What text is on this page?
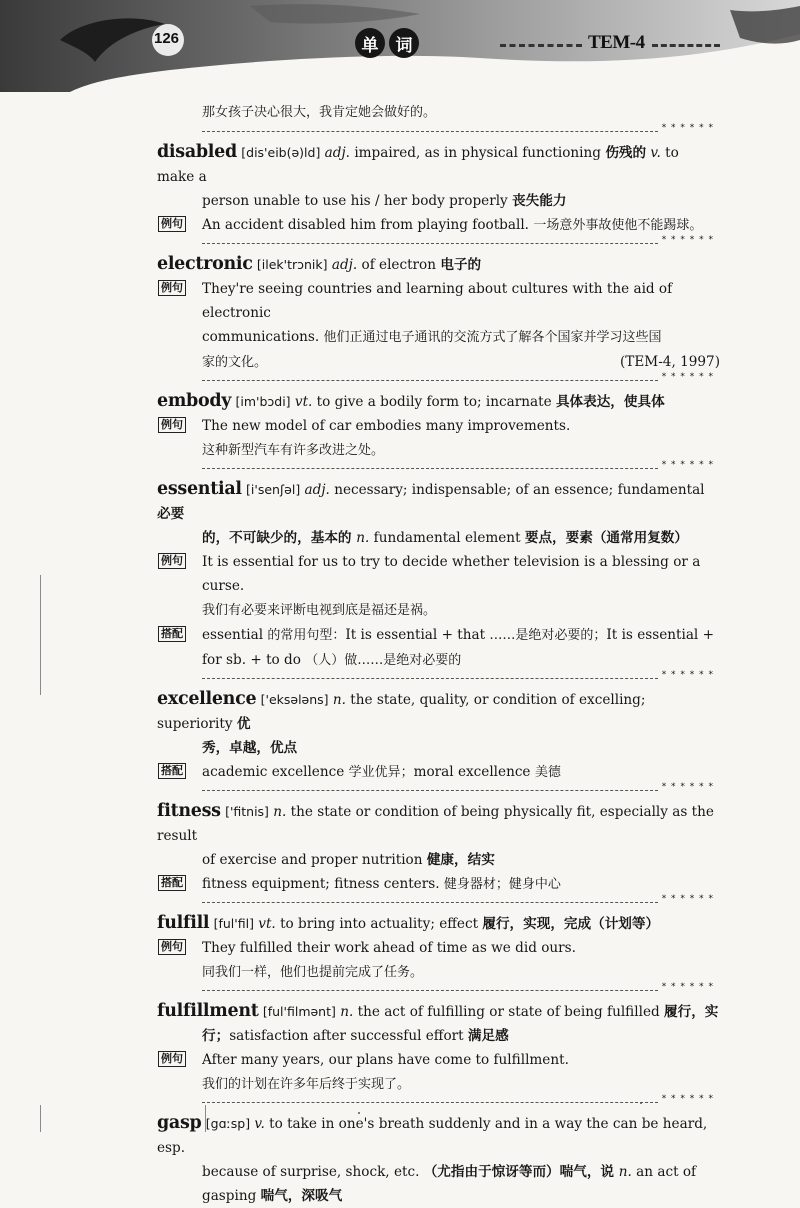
126	单	词	TEM-4
那女孩子决心很大，我肯定她会做好的。
* * * * * *
disabled [dis'eib(ə)ld] adj. impaired, as in physical functioning 伤残的 v. to make a
person unable to use his / her body properly 丧失能力
例句 An accident disabled him from playing football. 一场意外事故使他不能踢球。
* * * * * *
electronic [ilek'trɔnik] adj. of electron 电子的
例句 They're seeing countries and learning about cultures with the aid of electronic
communications. 他们正通过电子通讯的交流方式了解各个国家并学习这些国
家的文化。	(TEM-4, 1997)
* * * * * *
embody [im'bɔdi] vt. to give a bodily form to; incarnate 具体表达，使具体
例句 The new model of car embodies many improvements.
这种新型汽车有许多改进之处。
* * * * * *
essential [i'senʃəl] adj. necessary; indispensable; of an essence; fundamental 必要
的，不可缺少的，基本的 n. fundamental element 要点，要素（通常用复数）
例句 It is essential for us to try to decide whether television is a blessing or a curse.
我们有必要来评断电视到底是福还是祸。
搭配 essential 的常用句型：It is essential + that ……是绝对必要的；It is essential +
for sb. + to do （人）做……是绝对必要的
* * * * * *
excellence ['eksələns] n. the state, quality, or condition of excelling; superiority 优
秀，卓越，优点
搭配 academic excellence 学业优异；moral excellence 美德
* * * * * *
fitness ['fitnis] n. the state or condition of being physically fit, especially as the result
of exercise and proper nutrition 健康，结实
搭配 fitness equipment; fitness centers. 健身器材；健身中心
* * * * * *
fulfill [ful'fil] vt. to bring into actuality; effect 履行，实现，完成（计划等）
例句 They fulfilled their work ahead of time as we did ours.
同我们一样，他们也提前完成了任务。
* * * * * *
fulfillment [ful'filmənt] n. the act of fulfilling or state of being fulfilled 履行，实
行；satisfaction after successful effort 满足感
例句 After many years, our plans have come to fulfillment.
我们的计划在许多年后终于实现了。
* * * * * *
gasp [gɑːsp] v. to take in one's breath suddenly and in a way the can be heard, esp.
because of surprise, shock, etc. （尤指由于惊讶等而）喘气，说 n. an act of
gasping 喘气，深吸气
